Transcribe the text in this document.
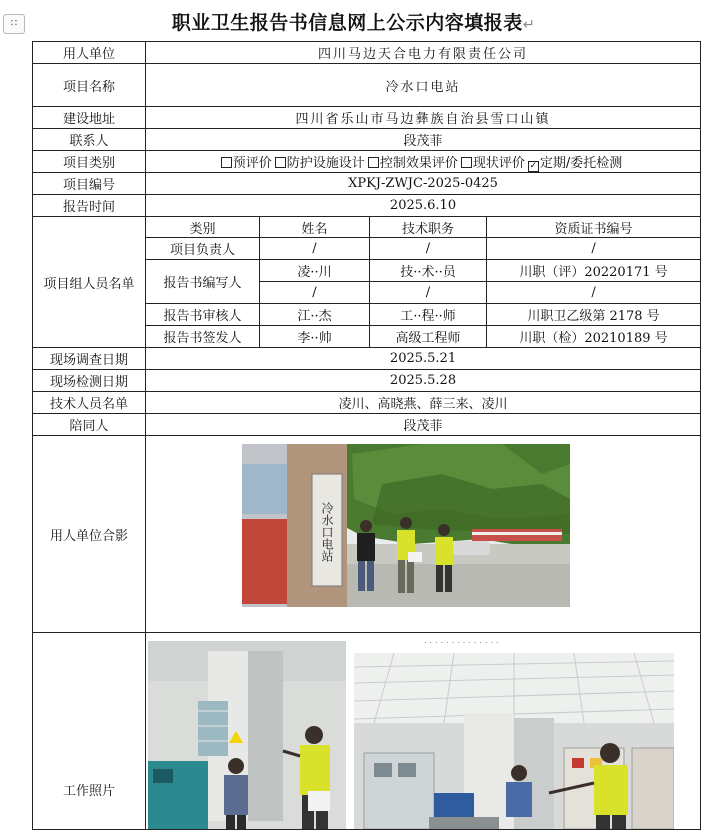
∷	职业卫生报告书信息网上公示内容填报表↵
用人单位	四川马边天合电力有限责任公司			
项目名称	冷水口电站			
建设地址	四川省乐山市马边彝族自治县雪口山镇			
联系人	段茂菲			
项目类别	预评价 防护设施设计 控制效果评价 现状评价 ✓ 定期/委托检测			
项目编号	XPKJ-ZWJC-2025-0425			
报告时间	2025.6.10			
项目组人员名单	类别	姓名	技术职务	资质证书编号
	项目负责人	/	/	/
	报告书编写人	凌··川	技··术··员	川职（评）20220171 号
		/	/	/
	报告书审核人	江··杰	工··程··师	川职卫乙级第 2178 号
	报告书签发人	李··帅	高级工程师	川职（检）20210189 号
现场调查日期	2025.5.21			
现场检测日期	2025.5.28			
技术人员名单	凌川、高晓燕、薛三来、凌川			
陪同人	段茂菲			
用人单位合影	冷水口电站			

工作照片	..............			
